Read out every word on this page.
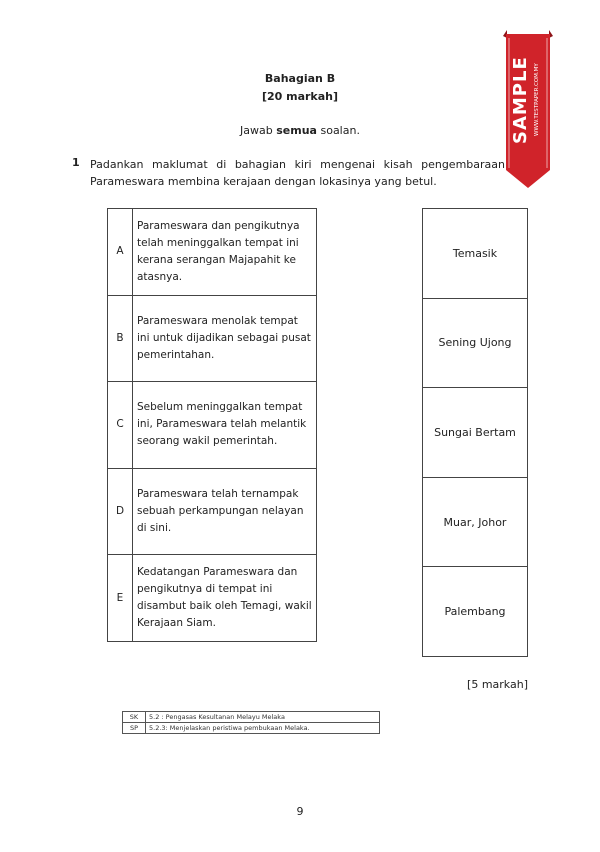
Bahagian B
[20 markah]
Jawab semua soalan.
1 Padankan maklumat di bahagian kiri mengenai kisah pengembaraan Parameswara membina kerajaan dengan lokasinya yang betul.
A	Parameswara dan pengikutnya telah meninggalkan tempat ini kerana serangan Majapahit ke atasnya.
B	Parameswara menolak tempat ini untuk dijadikan sebagai pusat pemerintahan.
C	Sebelum meninggalkan tempat ini, Parameswara telah melantik seorang wakil pemerintah.
D	Parameswara telah ternampak sebuah perkampungan nelayan di sini.
E	Kedatangan Parameswara dan pengikutnya di tempat ini disambut baik oleh Temagi, wakil Kerajaan Siam.
Temasik
Sening Ujong
Sungai Bertam
Muar, Johor
Palembang
[5 markah]
SK	5.2 : Pengasas Kesultanan Melayu Melaka
SP	5.2.3: Menjelaskan peristiwa pembukaan Melaka.
9
SAMPLE WWW.TESTPAPER.COM.MY
